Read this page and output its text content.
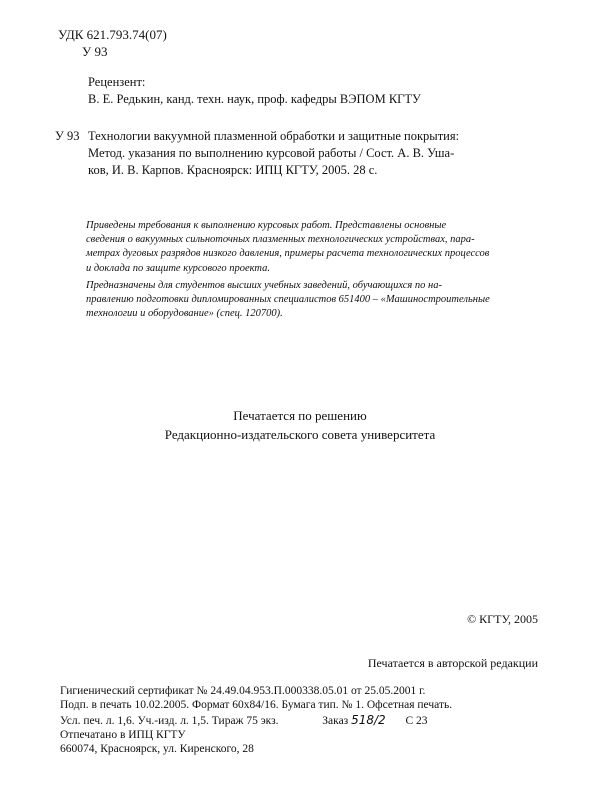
УДК 621.793.74(07)
У 93
Рецензент:
В. Е. Редькин, канд. техн. наук, проф. кафедры ВЭПОМ КГТУ
У 93 Технологии вакуумной плазменной обработки и защитные покрытия:
Метод. указания по выполнению курсовой работы / Сост. А. В. Уша-
ков, И. В. Карпов. Красноярск: ИПЦ КГТУ, 2005. 28 с.

Приведены требования к выполнению курсовых работ. Представлены основные
сведения о вакуумных сильноточных плазменных технологических устройствах, пара-
метрах дуговых разрядов низкого давления, примеры расчета технологических процессов
и доклада по защите курсового проекта.

Предназначены для студентов высших учебных заведений, обучающихся по на-
правлению подготовки дипломированных специалистов 651400 – «Машиностроительные
технологии и оборудование» (спец. 120700).

Печатается по решению
Редакционно-издательского совета университета
© КГТУ, 2005
Печатается в авторской редакции
Гигиенический сертификат № 24.49.04.953.П.000338.05.01 от 25.05.2001 г.
Подп. в печать 10.02.2005. Формат 60х84/16. Бумага тип. № 1. Офсетная печать.
Усл. печ. л. 1,6. Уч.-изд. л. 1,5. Тираж 75 экз.	Заказ 518/2 С 23
Отпечатано в ИПЦ КГТУ
660074, Красноярск, ул. Киренского, 28
